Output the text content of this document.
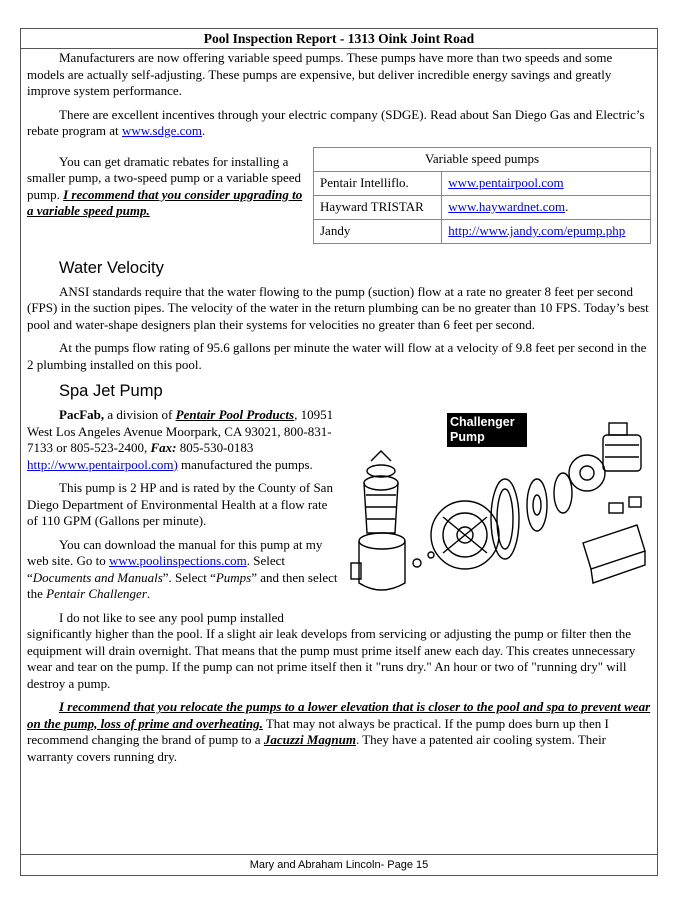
Pool Inspection Report - 1313 Oink Joint Road

Manufacturers are now offering variable speed pumps. These pumps have more than two speeds and some models are actually self-adjusting. These pumps are expensive, but deliver incredible energy savings and greatly improve system performance.

There are excellent incentives through your electric company (SDGE). Read about San Diego Gas and Electric’s rebate program at www.sdge.com.

Variable speed pumps	
Pentair Intelliflo.	www.pentairpool.com
Hayward TRISTAR	www.haywardnet.com.
Jandy	http://www.jandy.com/epump.php

You can get dramatic rebates for installing a smaller pump, a two-speed pump or a variable speed pump. I recommend that you consider upgrading to a variable speed pump.

Water Velocity

ANSI standards require that the water flowing to the pump (suction) flow at a rate no greater 8 feet per second (FPS) in the suction pipes. The velocity of the water in the return plumbing can be no greater than 10 FPS. Today’s best pool and water-shape designers plan their systems for velocities no greater than 6 feet per second.

At the pumps flow rating of 95.6 gallons per minute the water will flow at a velocity of 9.8 feet per second in the 2 plumbing installed on this pool.

Spa Jet Pump
Challenger Pump

PacFab, a division of Pentair Pool Products, 10951 West Los Angeles Avenue Moorpark, CA 93021, 800-831-7133 or 805-523-2400, Fax: 805-530-0183 http://www.pentairpool.com) manufactured the pumps.

This pump is 2 HP and is rated by the County of San Diego Department of Environmental Health at a flow rate of 110 GPM (Gallons per minute).

You can download the manual for this pump at my web site. Go to www.poolinspections.com. Select “Documents and Manuals”. Select “Pumps” and then select the Pentair Challenger.

I do not like to see any pool pump installed significantly higher than the pool. If a slight air leak develops from servicing or adjusting the pump or filter then the equipment will drain overnight. That means that the pump must prime itself anew each day. This creates unnecessary wear and tear on the pump. If the pump can not prime itself then it "runs dry." An hour or two of "running dry" will destroy a pump.

I recommend that you relocate the pumps to a lower elevation that is closer to the pool and spa to prevent wear on the pump, loss of prime and overheating. That may not always be practical. If the pump does burn up then I recommend changing the brand of pump to a Jacuzzi Magnum. They have a patented air cooling system. Their warranty covers running dry.

Mary and Abraham Lincoln- Page 15
